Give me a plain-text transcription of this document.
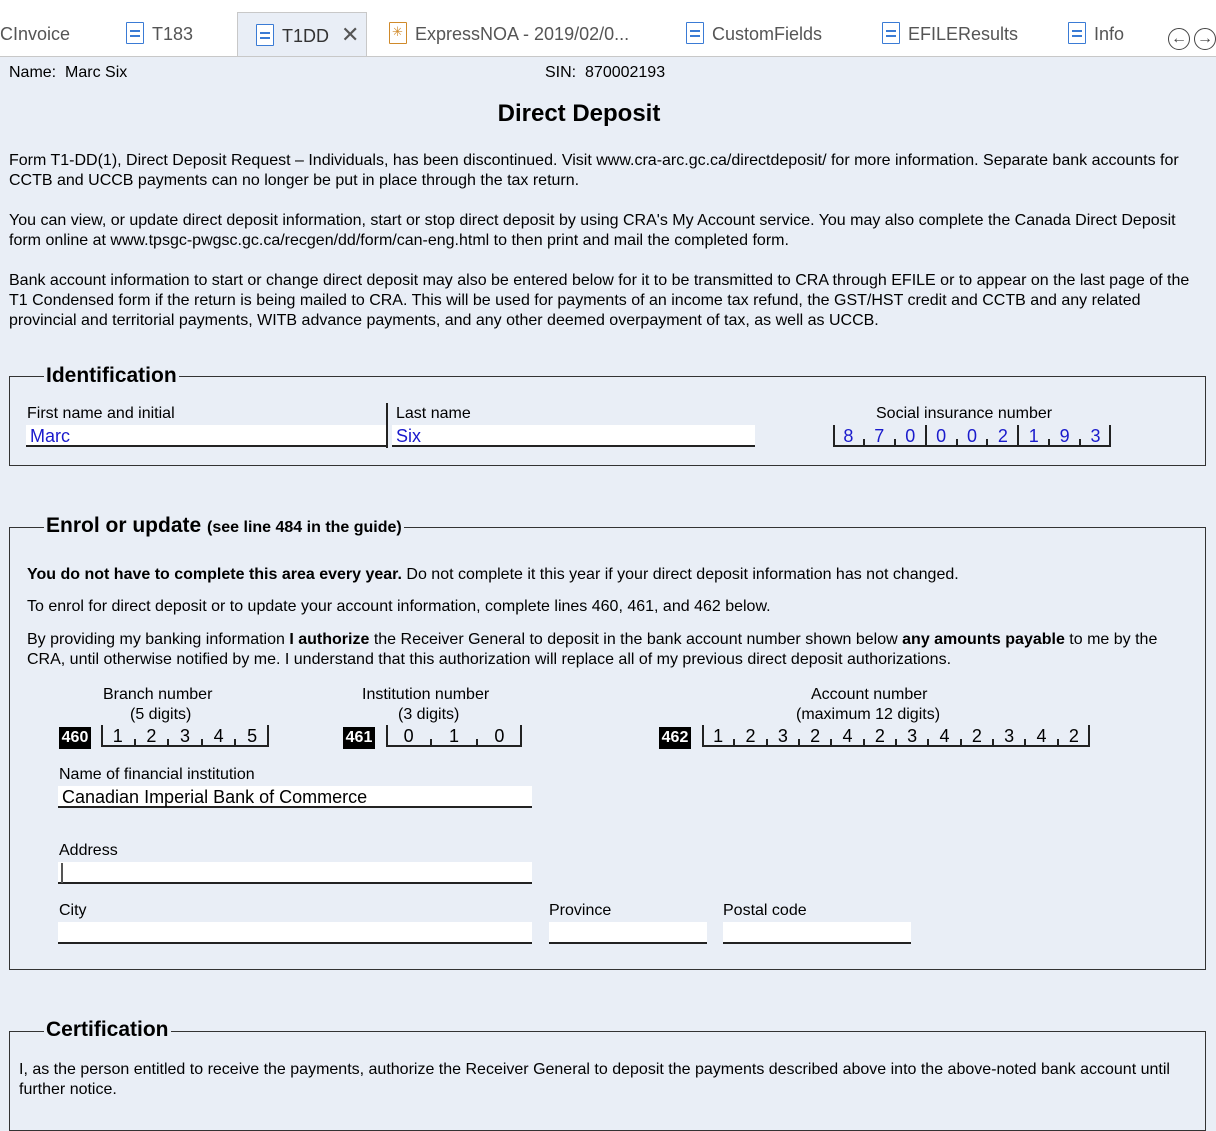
CInvoice	T183	T1DD ✕	✳ ExpressNOA - 2019/02/0...	CustomFields	EFILEResults	Info	← →
Name: Marc Six	SIN: 870002193
Direct Deposit
Form T1-DD(1), Direct Deposit Request – Individuals, has been discontinued. Visit www.cra-arc.gc.ca/directdeposit/ for more information. Separate bank accounts for CCTB and UCCB payments can no longer be put in place through the tax return.
You can view, or update direct deposit information, start or stop direct deposit by using CRA's My Account service. You may also complete the Canada Direct Deposit form online at www.tpsgc-pwgsc.gc.ca/recgen/dd/form/can-eng.html to then print and mail the completed form.
Bank account information to start or change direct deposit may also be entered below for it to be transmitted to CRA through EFILE or to appear on the last page of the T1 Condensed form if the return is being mailed to CRA. This will be used for payments of an income tax refund, the GST/HST credit and CCTB and any related provincial and territorial payments, WITB advance payments, and any other deemed overpayment of tax, as well as UCCB.
Identification
First name and initial
Marc
Last name
Six
Social insurance number
8	7	0	0	0	2	1	9	3
Enrol or update (see line 484 in the guide)
You do not have to complete this area every year. Do not complete it this year if your direct deposit information has not changed.
To enrol for direct deposit or to update your account information, complete lines 460, 461, and 462 below.
By providing my banking information I authorize the Receiver General to deposit in the bank account number shown below any amounts payable to me by the CRA, until otherwise notified by me. I understand that this authorization will replace all of my previous direct deposit authorizations.
Branch number
(5 digits)
460	1	2	3	4	5
Institution number
(3 digits)
461	0	1	0
Account number
(maximum 12 digits)
462	1	2	3	2	4	2	3	4	2	3	4	2
Name of financial institution
Canadian Imperial Bank of Commerce
Address
City	Province	Postal code
Certification
I, as the person entitled to receive the payments, authorize the Receiver General to deposit the payments described above into the above-noted bank account until further notice.
